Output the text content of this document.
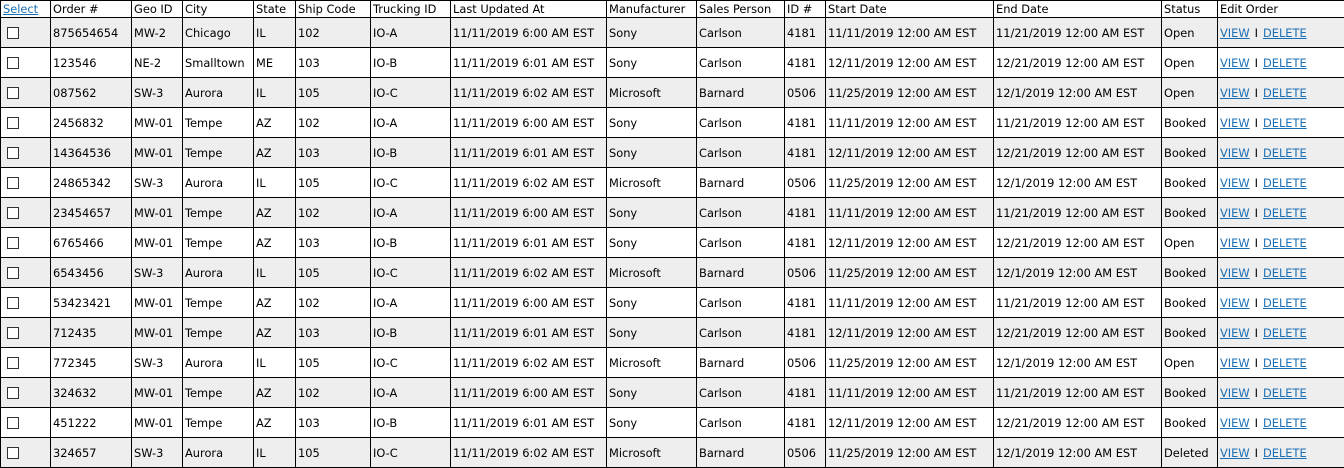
Select	Order #	Geo ID	City	State	Ship Code	Trucking ID	Last Updated At	Manufacturer	Sales Person	ID #	Start Date	End Date	Status	Edit Order
	875654654	MW-2	Chicago	IL	102	IO-A	11/11/2019 6:00 AM EST	Sony	Carlson	4181	11/11/2019 12:00 AM EST	11/21/2019 12:00 AM EST	Open	VIEW I DELETE
	123546	NE-2	Smalltown	ME	103	IO-B	11/11/2019 6:01 AM EST	Sony	Carlson	4181	12/11/2019 12:00 AM EST	12/21/2019 12:00 AM EST	Open	VIEW I DELETE
	087562	SW-3	Aurora	IL	105	IO-C	11/11/2019 6:02 AM EST	Microsoft	Barnard	0506	11/25/2019 12:00 AM EST	12/1/2019 12:00 AM EST	Open	VIEW I DELETE
	2456832	MW-01	Tempe	AZ	102	IO-A	11/11/2019 6:00 AM EST	Sony	Carlson	4181	11/11/2019 12:00 AM EST	11/21/2019 12:00 AM EST	Booked	VIEW I DELETE
	14364536	MW-01	Tempe	AZ	103	IO-B	11/11/2019 6:01 AM EST	Sony	Carlson	4181	12/11/2019 12:00 AM EST	12/21/2019 12:00 AM EST	Booked	VIEW I DELETE
	24865342	SW-3	Aurora	IL	105	IO-C	11/11/2019 6:02 AM EST	Microsoft	Barnard	0506	11/25/2019 12:00 AM EST	12/1/2019 12:00 AM EST	Booked	VIEW I DELETE
	23454657	MW-01	Tempe	AZ	102	IO-A	11/11/2019 6:00 AM EST	Sony	Carlson	4181	11/11/2019 12:00 AM EST	11/21/2019 12:00 AM EST	Booked	VIEW I DELETE
	6765466	MW-01	Tempe	AZ	103	IO-B	11/11/2019 6:01 AM EST	Sony	Carlson	4181	12/11/2019 12:00 AM EST	12/21/2019 12:00 AM EST	Open	VIEW I DELETE
	6543456	SW-3	Aurora	IL	105	IO-C	11/11/2019 6:02 AM EST	Microsoft	Barnard	0506	11/25/2019 12:00 AM EST	12/1/2019 12:00 AM EST	Booked	VIEW I DELETE
	53423421	MW-01	Tempe	AZ	102	IO-A	11/11/2019 6:00 AM EST	Sony	Carlson	4181	11/11/2019 12:00 AM EST	11/21/2019 12:00 AM EST	Booked	VIEW I DELETE
	712435	MW-01	Tempe	AZ	103	IO-B	11/11/2019 6:01 AM EST	Sony	Carlson	4181	12/11/2019 12:00 AM EST	12/21/2019 12:00 AM EST	Booked	VIEW I DELETE
	772345	SW-3	Aurora	IL	105	IO-C	11/11/2019 6:02 AM EST	Microsoft	Barnard	0506	11/25/2019 12:00 AM EST	12/1/2019 12:00 AM EST	Open	VIEW I DELETE
	324632	MW-01	Tempe	AZ	102	IO-A	11/11/2019 6:00 AM EST	Sony	Carlson	4181	11/11/2019 12:00 AM EST	11/21/2019 12:00 AM EST	Booked	VIEW I DELETE
	451222	MW-01	Tempe	AZ	103	IO-B	11/11/2019 6:01 AM EST	Sony	Carlson	4181	12/11/2019 12:00 AM EST	12/21/2019 12:00 AM EST	Booked	VIEW I DELETE
	324657	SW-3	Aurora	IL	105	IO-C	11/11/2019 6:02 AM EST	Microsoft	Barnard	0506	11/25/2019 12:00 AM EST	12/1/2019 12:00 AM EST	Deleted	VIEW I DELETE
